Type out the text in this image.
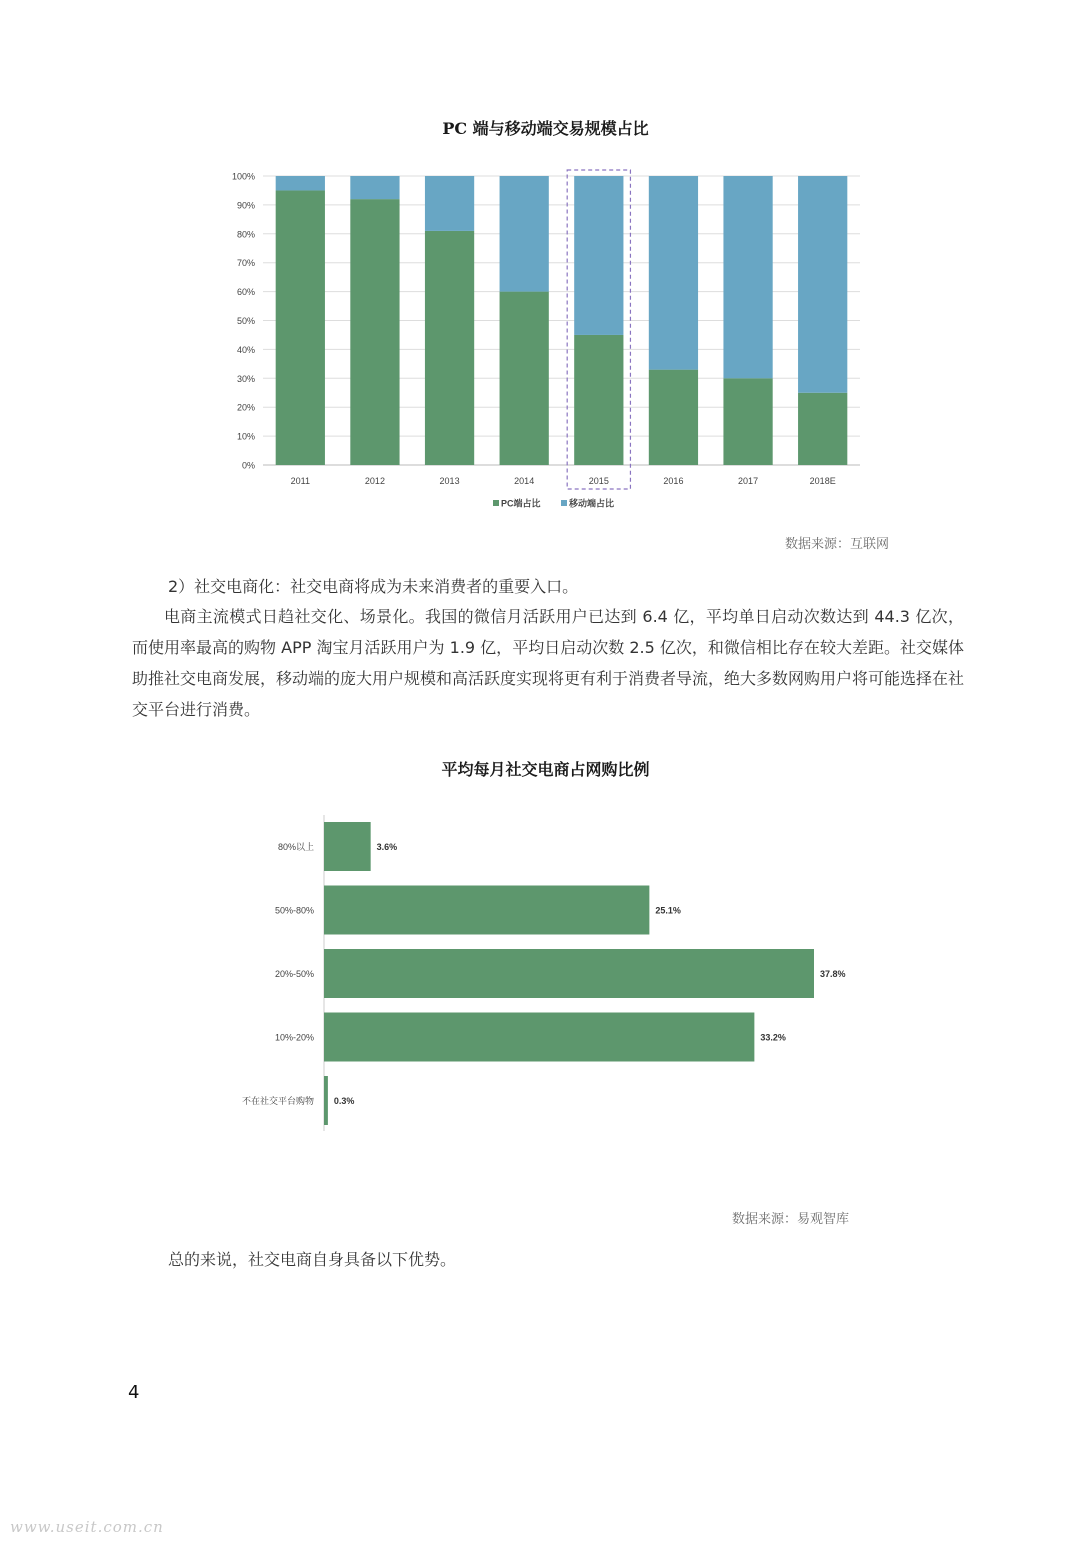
PC 端与移动端交易规模占比
0%
10%
20%
30%
40%
50%
60%
70%
80%
90%
100%
2011	2012	2013	2014	2015	2016	2017	2018E
PC端占比	移动端占比
数据来源：互联网

2）社交电商化：社交电商将成为未来消费者的重要入口。

电商主流模式日趋社交化、场景化。我国的微信月活跃用户已达到 6.4 亿，平均单日启动次数达到 44.3 亿次，而使用率最高的购物 APP 淘宝月活跃用户为 1.9 亿，平均日启动次数 2.5 亿次，和微信相比存在较大差距。社交媒体助推社交电商发展，移动端的庞大用户规模和高活跃度实现将更有利于消费者导流，绝大多数网购用户将可能选择在社交平台进行消费。

平均每月社交电商占网购比例
80%以上
50%-80%
20%-50%
10%-20%
不在社交平台购物
3.6%
25.1%
37.8%
33.2%
0.3%
数据来源：易观智库

总的来说，社交电商自身具备以下优势。

4
www.useit.com.cn
